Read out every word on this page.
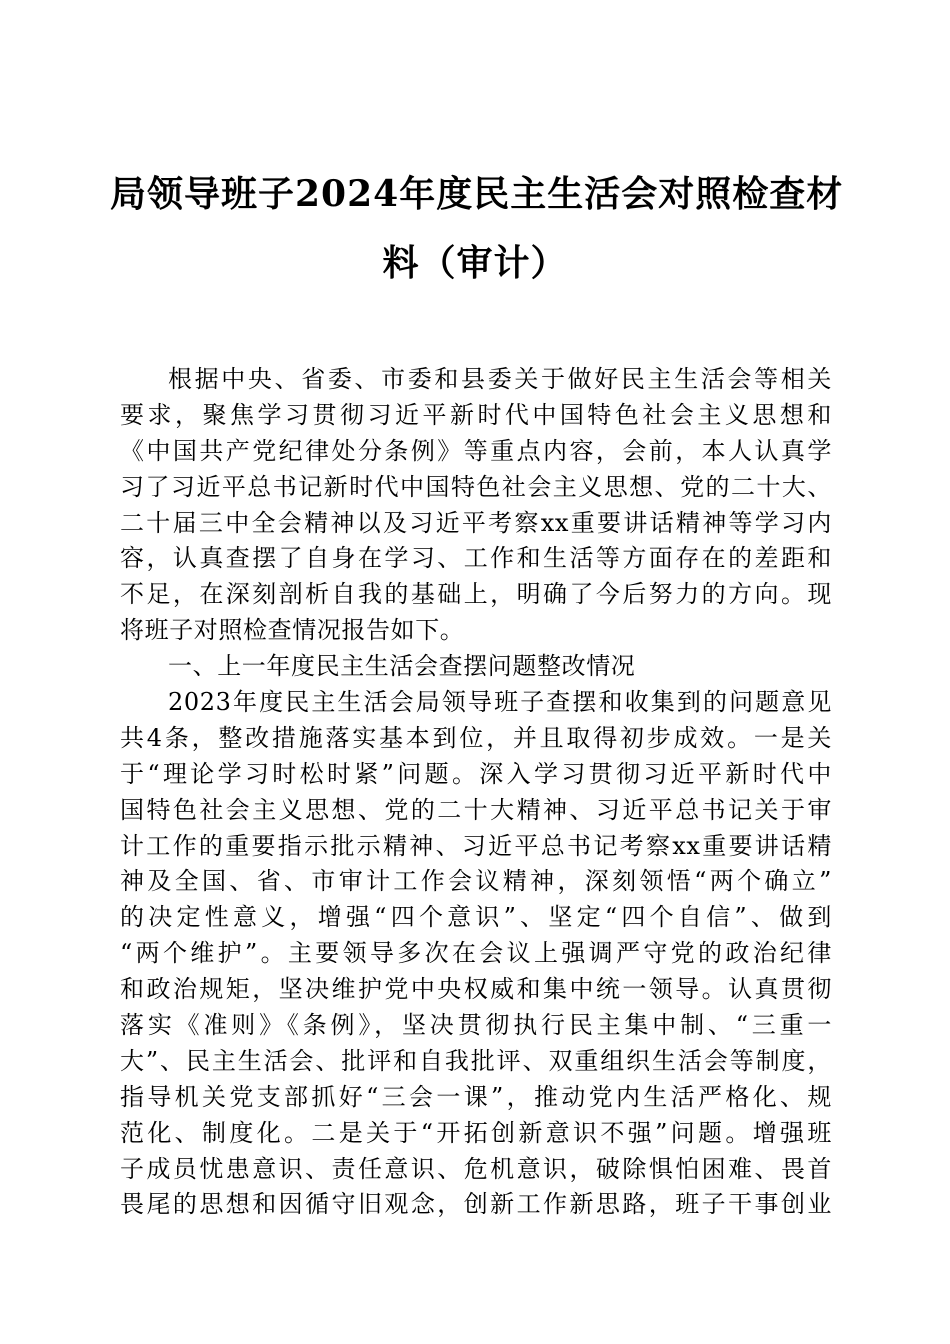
局领导班子2024年度民主生活会对照检查材
料（审计）
根据中央、省委、市委和县委关于做好民主生活会等相关
要求，聚焦学习贯彻习近平新时代中国特色社会主义思想和
《中国共产党纪律处分条例》等重点内容，会前，本人认真学
习了习近平总书记新时代中国特色社会主义思想、党的二十大、
二十届三中全会精神以及习近平考察xx重要讲话精神等学习内
容，认真查摆了自身在学习、工作和生活等方面存在的差距和
不足，在深刻剖析自我的基础上，明确了今后努力的方向。现
将班子对照检查情况报告如下。
一、上一年度民主生活会查摆问题整改情况
2023年度民主生活会局领导班子查摆和收集到的问题意见
共4条，整改措施落实基本到位，并且取得初步成效。一是关
于“理论学习时松时紧”问题。深入学习贯彻习近平新时代中
国特色社会主义思想、党的二十大精神、习近平总书记关于审
计工作的重要指示批示精神、习近平总书记考察xx重要讲话精
神及全国、省、市审计工作会议精神，深刻领悟“两个确立”
的决定性意义，增强“四个意识”、坚定“四个自信”、做到
“两个维护”。主要领导多次在会议上强调严守党的政治纪律
和政治规矩，坚决维护党中央权威和集中统一领导。认真贯彻
落实《准则》《条例》，坚决贯彻执行民主集中制、“三重一
大”、民主生活会、批评和自我批评、双重组织生活会等制度，
指导机关党支部抓好“三会一课”，推动党内生活严格化、规
范化、制度化。二是关于“开拓创新意识不强”问题。增强班
子成员忧患意识、责任意识、危机意识，破除惧怕困难、畏首
畏尾的思想和因循守旧观念，创新工作新思路，班子干事创业
